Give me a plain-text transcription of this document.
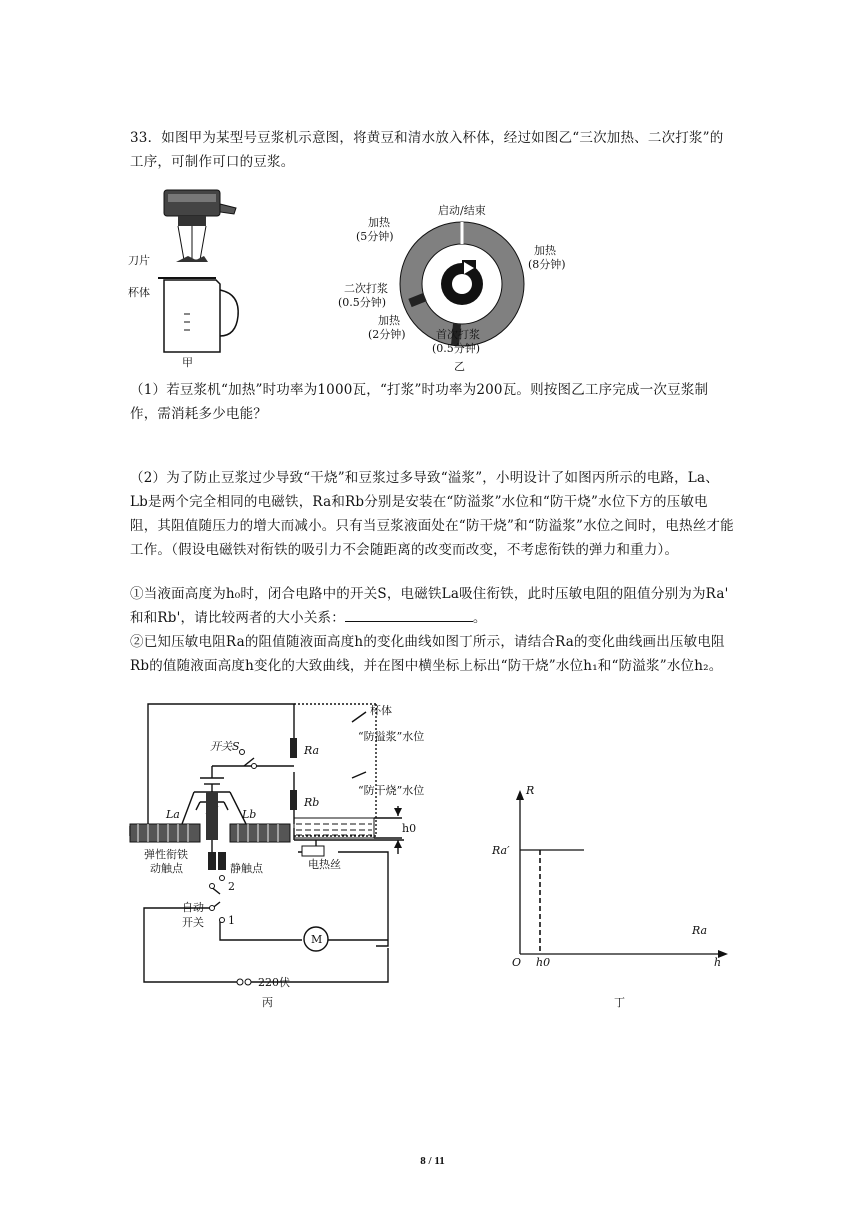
33．如图甲为某型号豆浆机示意图，将黄豆和清水放入杯体，经过如图乙“三次加热、二次打浆”的工序，可制作可口的豆浆。
刀片
杯体
甲
启动/结束
加热
(5分钟)
加热
(8分钟)
二次打浆
(0.5分钟)
加热
(2分钟)	首次打浆
(0.5分钟)
乙
（1）若豆浆机“加热”时功率为1000瓦，“打浆”时功率为200瓦。则按图乙工序完成一次豆浆制作，需消耗多少电能？
（2）为了防止豆浆过少导致“干烧”和豆浆过多导致“溢浆”，小明设计了如图丙所示的电路，La、Lb是两个完全相同的电磁铁，Ra和Rb分别是安装在“防溢浆”水位和“防干烧”水位下方的压敏电阻，其阻值随压力的增大而减小。只有当豆浆液面处在“防干烧”和“防溢浆”水位之间时，电热丝才能工作。（假设电磁铁对衔铁的吸引力不会随距离的改变而改变，不考虑衔铁的弹力和重力）。
①当液面高度为h₀时，闭合电路中的开关S，电磁铁La吸住衔铁，此时压敏电阻的阻值分别为为Ra' 和和Rb'，请比较两者的大小关系：	。
②已知压敏电阻Ra的阻值随液面高度h的变化曲线如图丁所示，请结合Ra的变化曲线画出压敏电阻Rb的值随液面高度h变化的大致曲线，并在图中横坐标上标出“防干烧”水位h₁和“防溢浆”水位h₂。
杯体
“防溢浆”水位
“防干烧”水位
开关S	Ra
Rb
La	Lb
h0
弹性衔铁
动触点	静触点
2
1
自动开关
电热丝
M
220伏
丙
R
Ra′
Ra
O h0	h
丁
8 / 11
